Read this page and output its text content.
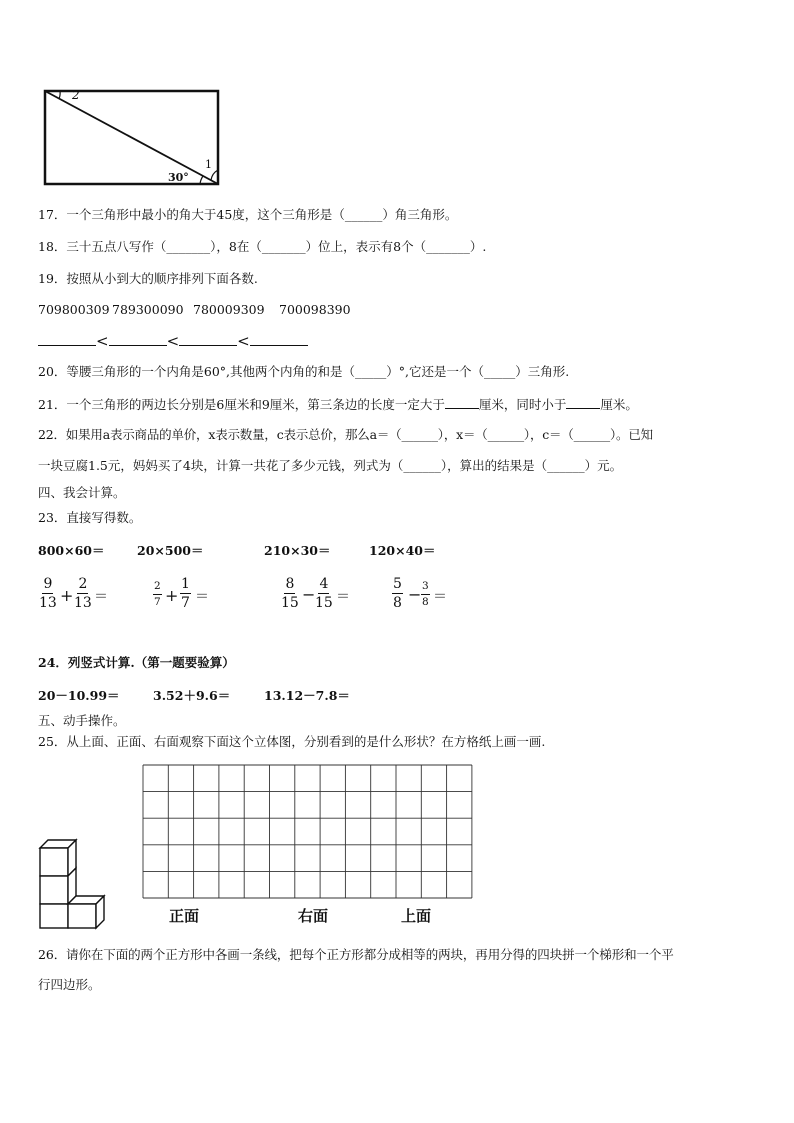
2
1
30°
17．一个三角形中最小的角大于45度，这个三角形是（______）角三角形。
18．三十五点八写作（_______），8在（_______）位上，表示有8个（_______）.
19．按照从小到大的顺序排列下面各数.
709800309 789300090 780009309 700098390
<	<	<
20．等腰三角形的一个内角是60°,其他两个内角的和是（_____）°,它还是一个（_____）三角形.
21．一个三角形的两边长分别是6厘米和9厘米，第三条边的长度一定大于	厘米，同时小于	厘米。
22．如果用a表示商品的单价，x表示数量，c表示总价，那么a＝（______），x＝（______），c＝（______）。已知
一块豆腐1.5元，妈妈买了4块，计算一共花了多少元钱，列式为（______），算出的结果是（______）元。
四、我会计算。
23．直接写得数。
800×60＝	20×500＝	210×30＝	120×40＝
$\frac{9}{13} + \frac{2}{13}$ ＝	$\frac{2}{7} + \frac{1}{7}$ ＝	$\frac{8}{15} - \frac{4}{15}$ ＝	$\frac{5}{8} - \frac{3}{8}$ ＝
24．列竖式计算.（第一题要验算）
20－10.99＝	3.52＋9.6＝	13.12－7.8＝
五、动手操作。
25．从上面、正面、右面观察下面这个立体图，分别看到的是什么形状？在方格纸上画一画.
正面	右面	上面
26．请你在下面的两个正方形中各画一条线，把每个正方形都分成相等的两块，再用分得的四块拼一个梯形和一个平
行四边形。
